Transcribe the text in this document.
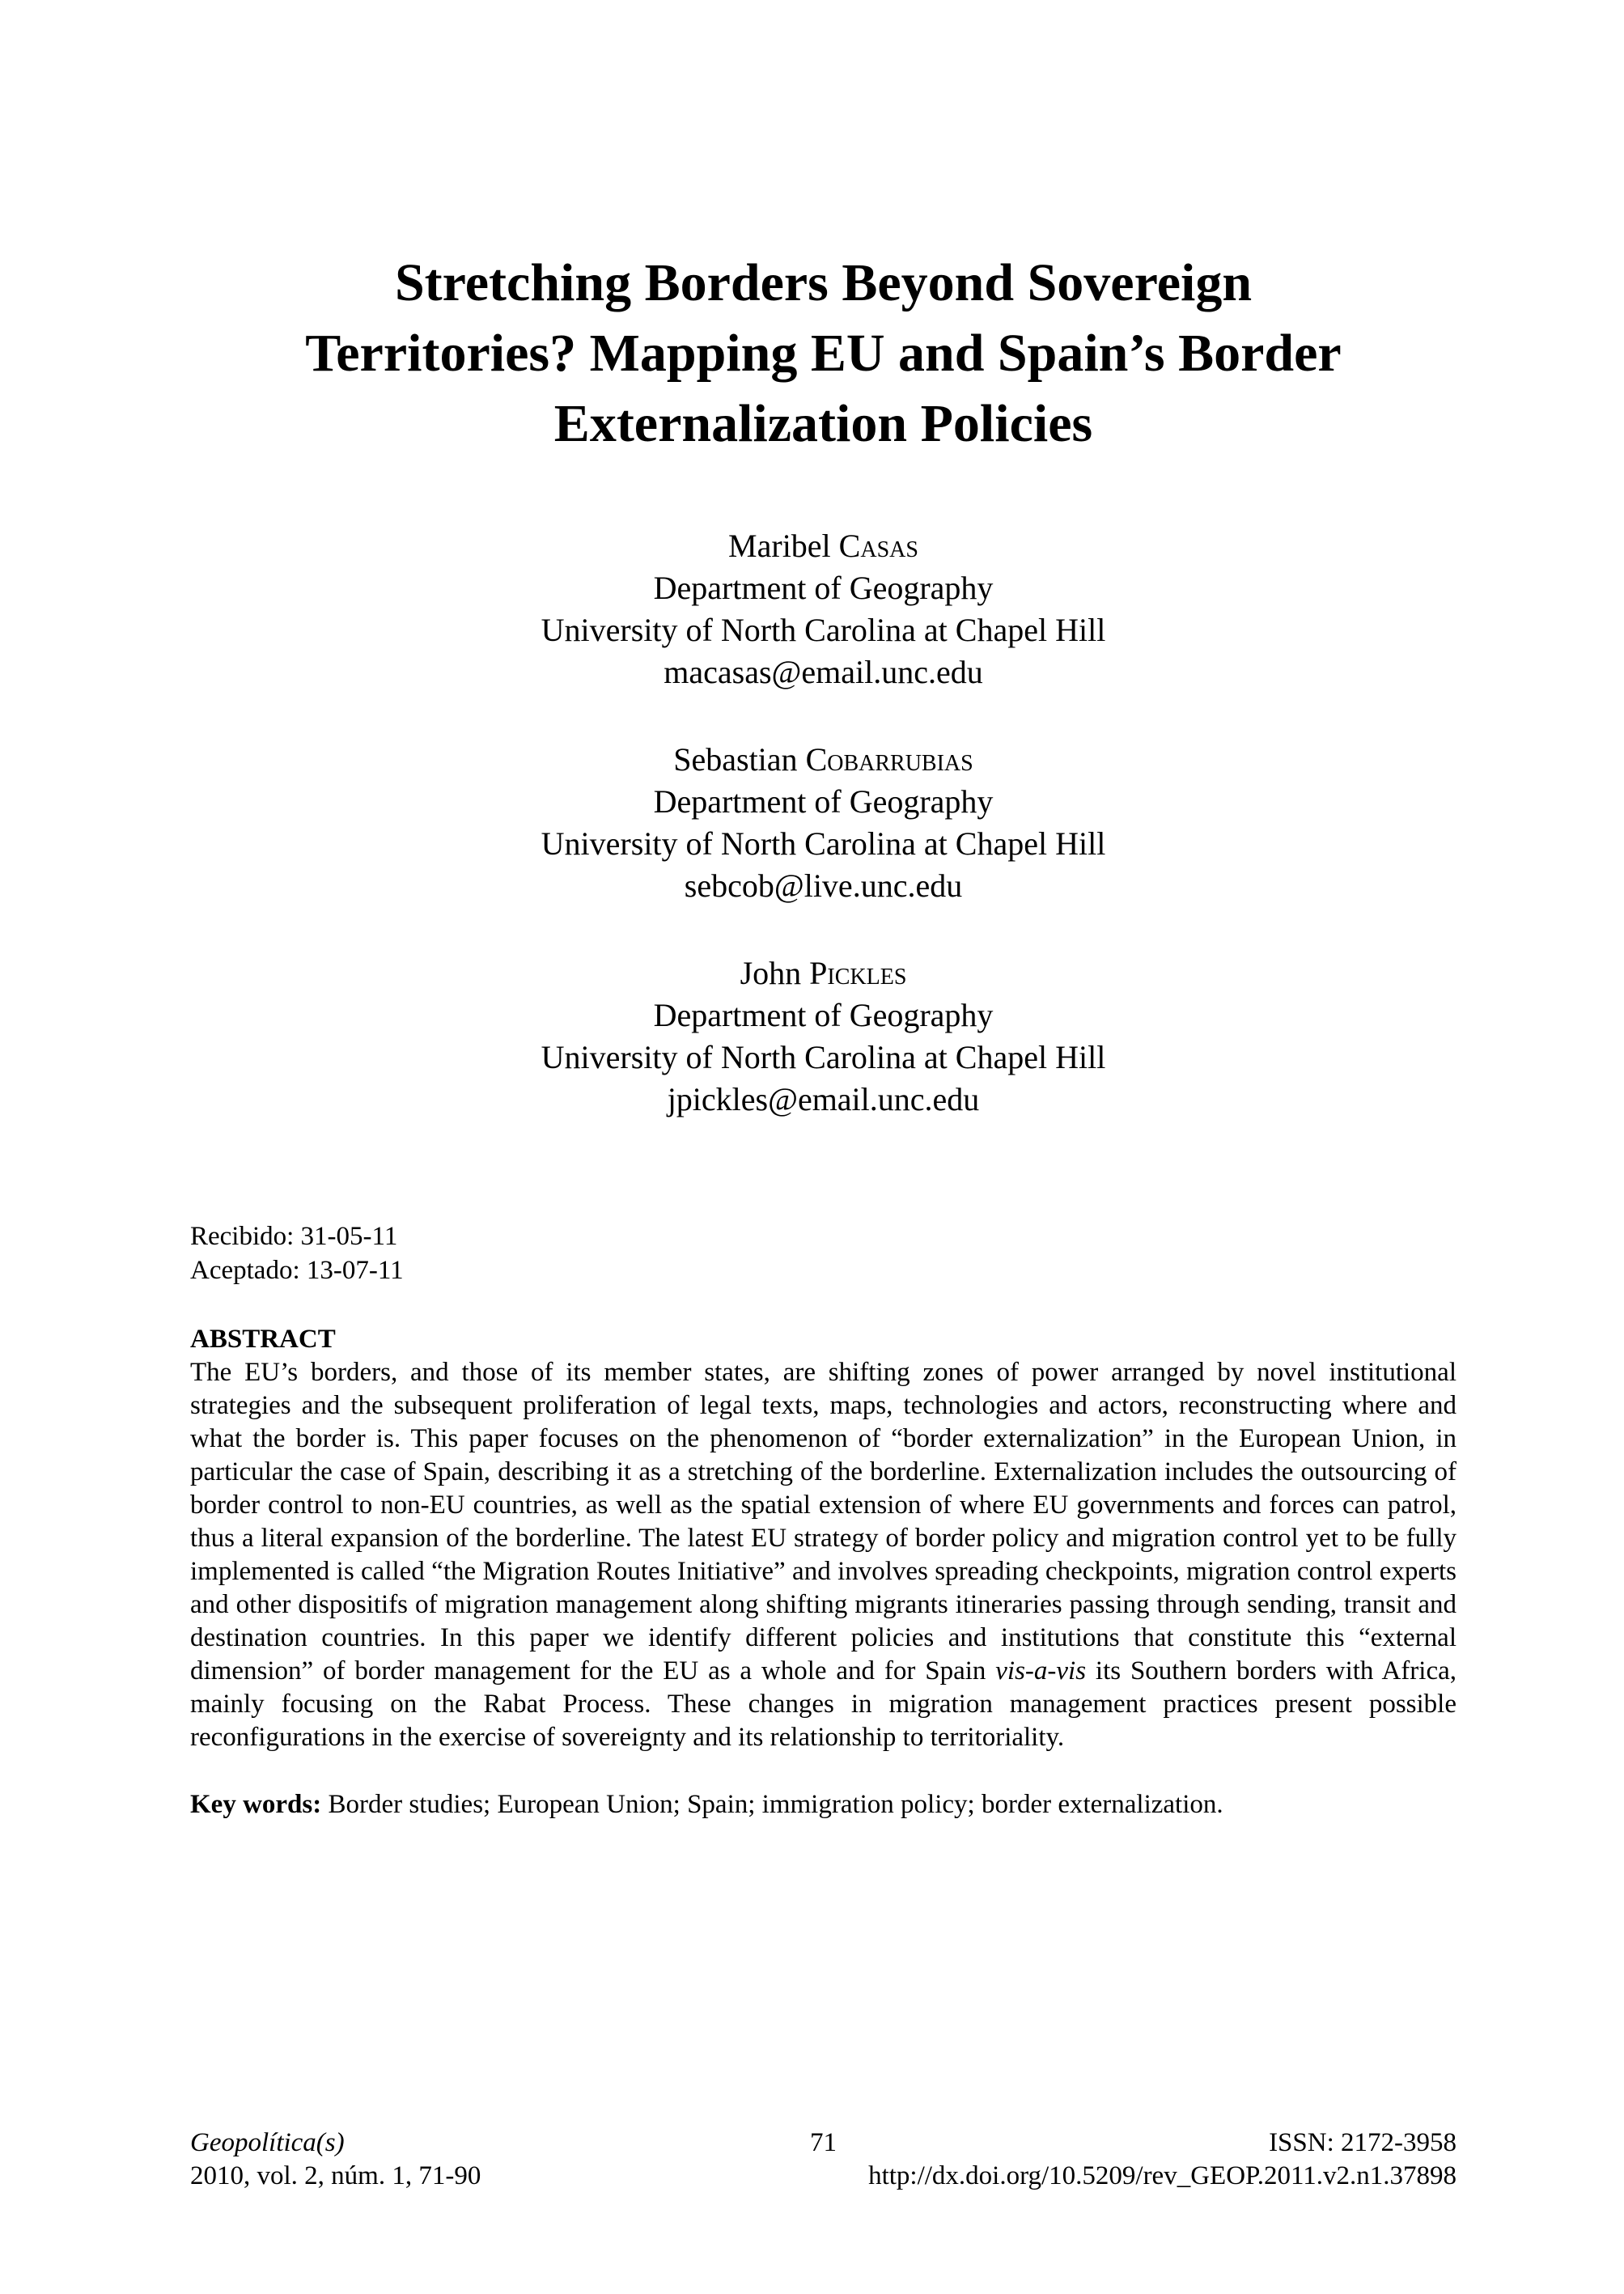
Stretching Borders Beyond Sovereign
Territories? Mapping EU and Spain’s Border
Externalization Policies
Maribel Casas
Department of Geography
University of North Carolina at Chapel Hill
macasas@email.unc.edu
Sebastian Cobarrubias
Department of Geography
University of North Carolina at Chapel Hill
sebcob@live.unc.edu
John Pickles
Department of Geography
University of North Carolina at Chapel Hill
jpickles@email.unc.edu
Recibido: 31-05-11
Aceptado: 13-07-11
ABSTRACT

The EU’s borders, and those of its member states, are shifting zones of power arranged by novel institutional strategies and the subsequent proliferation of legal texts, maps, technologies and actors, reconstructing where and what the border is. This paper focuses on the phenomenon of “border externalization” in the European Union, in particular the case of Spain, describing it as a stretching of the borderline. Externalization includes the outsourcing of border control to non-EU countries, as well as the spatial extension of where EU governments and forces can patrol, thus a literal expansion of the borderline. The latest EU strategy of border policy and migration control yet to be fully implemented is called “the Migration Routes Initiative” and involves spreading checkpoints, migration control experts and other dispositifs of migration management along shifting migrants itineraries passing through sending, transit and destination countries. In this paper we identify different policies and institutions that constitute this “external dimension” of border management for the EU as a whole and for Spain vis-a-vis its Southern borders with Africa, mainly focusing on the Rabat Process. These changes in migration management practices present possible reconfigurations in the exercise of sovereignty and its relationship to territoriality.

Key words: Border studies; European Union; Spain; immigration policy; border externalization.

Geopolítica(s)
2010, vol. 2, núm. 1, 71-90
71	ISSN: 2172-3958
http://dx.doi.org/10.5209/rev_GEOP.2011.v2.n1.37898
